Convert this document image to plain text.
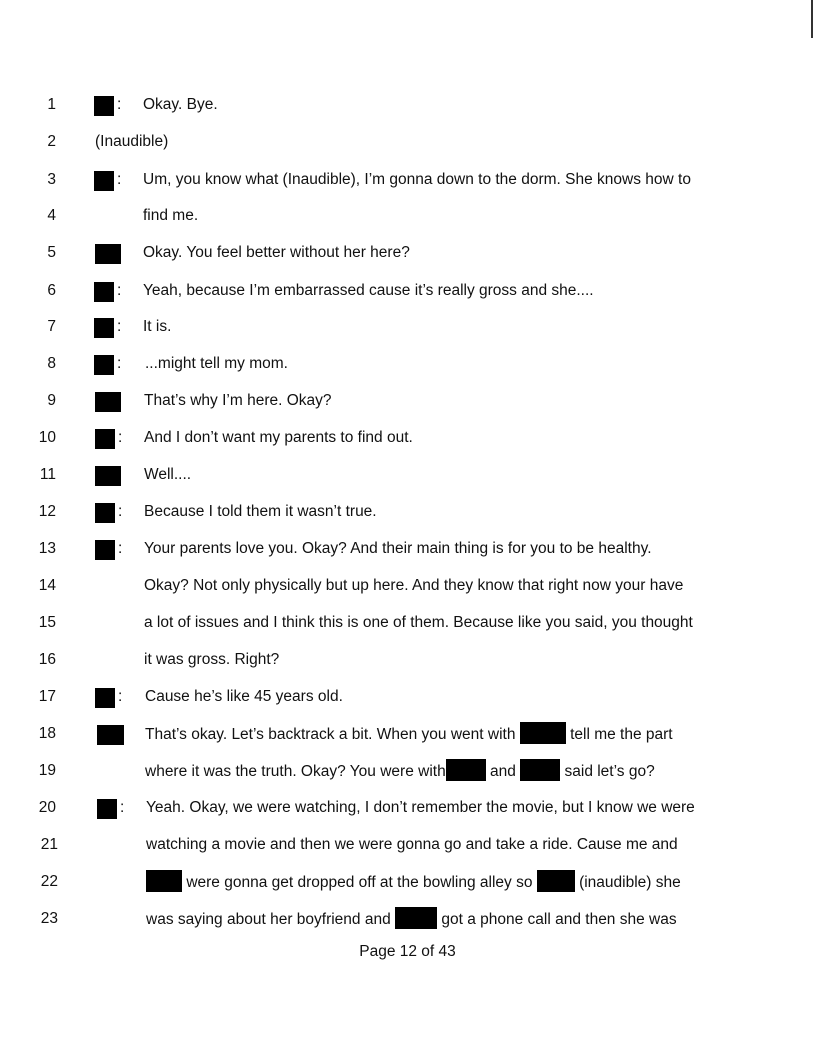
1	: Okay. Bye.
2	(Inaudible)
3	: Um, you know what (Inaudible), I’m gonna down to the dorm. She knows how to
4	find me.
5	Okay. You feel better without her here?
6	: Yeah, because I’m embarrassed cause it’s really gross and she....
7	: It is.
8	: ...might tell my mom.
9	That’s why I’m here. Okay?
10	: And I don’t want my parents to find out.
11	Well....
12	: Because I told them it wasn’t true.
13	: Your parents love you. Okay? And their main thing is for you to be healthy.
14	Okay? Not only physically but up here. And they know that right now your have
15	a lot of issues and I think this is one of them. Because like you said, you thought
16	it was gross. Right?
17	: Cause he’s like 45 years old.
18	That’s okay. Let’s backtrack a bit. When you went with	tell me the part
19	where it was the truth. Okay? You were with	and	said let’s go?
20	: Yeah. Okay, we were watching, I don’t remember the movie, but I know we were
21	watching a movie and then we were gonna go and take a ride. Cause me and
22	were gonna get dropped off at the bowling alley so	(inaudible) she
23	was saying about her boyfriend and	got a phone call and then she was
Page 12 of 43
